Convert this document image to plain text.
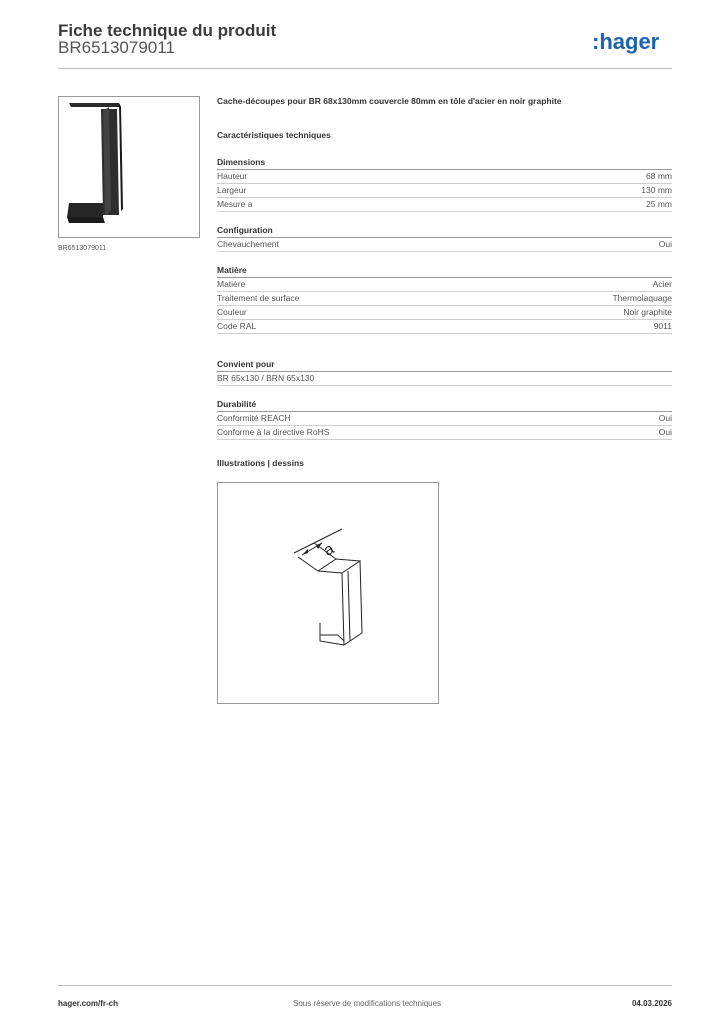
Fiche technique du produit
BR6513079011	:hager
BR6513079011
Cache-découpes pour BR 68x130mm couvercle 80mm en tôle d'acier en noir graphite
Caractéristiques techniques
Dimensions
Hauteur	68 mm
Largeur	130 mm
Mesure a	25 mm
Configuration
Chevauchement	Oui
Matière
Matière	Acier
Traitement de surface	Thermolaquage
Couleur	Noir graphite
Code RAL	9011
Convient pour
BR 65x130 / BRN 65x130
Durabilité
Conformité REACH	Oui
Conforme à la directive RoHS	Oui
Illustrations | dessins
a
hager.com/fr-ch	Sous réserve de modifications techniques	04.03.2026
